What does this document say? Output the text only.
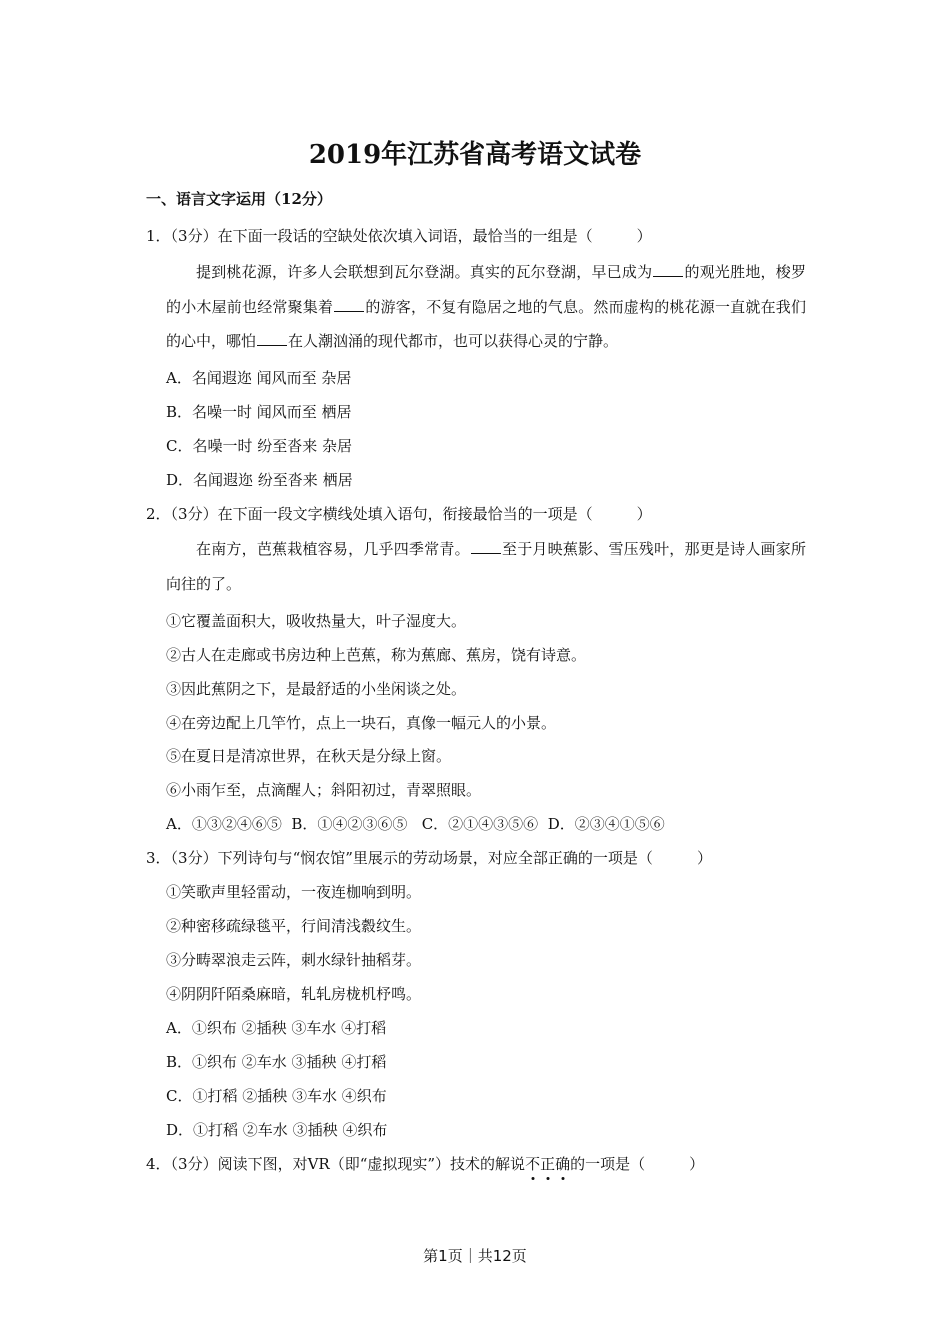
2019年江苏省高考语文试卷
一、语言文字运用（12分）
1．（3分）在下面一段话的空缺处依次填入词语，最恰当的一组是（	）
提到桃花源，许多人会联想到瓦尔登湖。真实的瓦尔登湖，早已成为 的观光胜地，梭罗的小木屋前也经常聚集着 的游客，不复有隐居之地的气息。然而虚构的桃花源一直就在我们的心中，哪怕 在人潮汹涌的现代都市，也可以获得心灵的宁静。
A．名闻遐迩 闻风而至 杂居
B．名噪一时 闻风而至 栖居
C．名噪一时 纷至沓来 杂居
D．名闻遐迩 纷至沓来 栖居
2．（3分）在下面一段文字横线处填入语句，衔接最恰当的一项是（	）
在南方，芭蕉栽植容易，几乎四季常青。 至于月映蕉影、雪压残叶，那更是诗人画家所向往的了。
①它覆盖面积大，吸收热量大，叶子湿度大。
②古人在走廊或书房边种上芭蕉，称为蕉廊、蕉房，饶有诗意。
③因此蕉阴之下，是最舒适的小坐闲谈之处。
④在旁边配上几竿竹，点上一块石，真像一幅元人的小景。
⑤在夏日是清凉世界，在秋天是分绿上窗。
⑥小雨乍至，点滴醒人；斜阳初过，青翠照眼。
A．①③②④⑥⑤  B．①④②③⑥⑤   C．②①④③⑤⑥  D．②③④①⑤⑥
3．（3分）下列诗句与“悯农馆”里展示的劳动场景，对应全部正确的一项是（	）
①笑歌声里轻雷动，一夜连枷响到明。
②种密移疏绿毯平，行间清浅縠纹生。
③分畴翠浪走云阵，刺水绿针抽稻芽。
④阴阴阡陌桑麻暗，轧轧房栊机杼鸣。
A．①织布 ②插秧 ③车水 ④打稻
B．①织布 ②车水 ③插秧 ④打稻
C．①打稻 ②插秧 ③车水 ④织布
D．①打稻 ②车水 ③插秧 ④织布
4．（3分）阅读下图，对VR（即“虚拟现实”）技术的解说不正确的一项是（	）
第1页｜共12页
